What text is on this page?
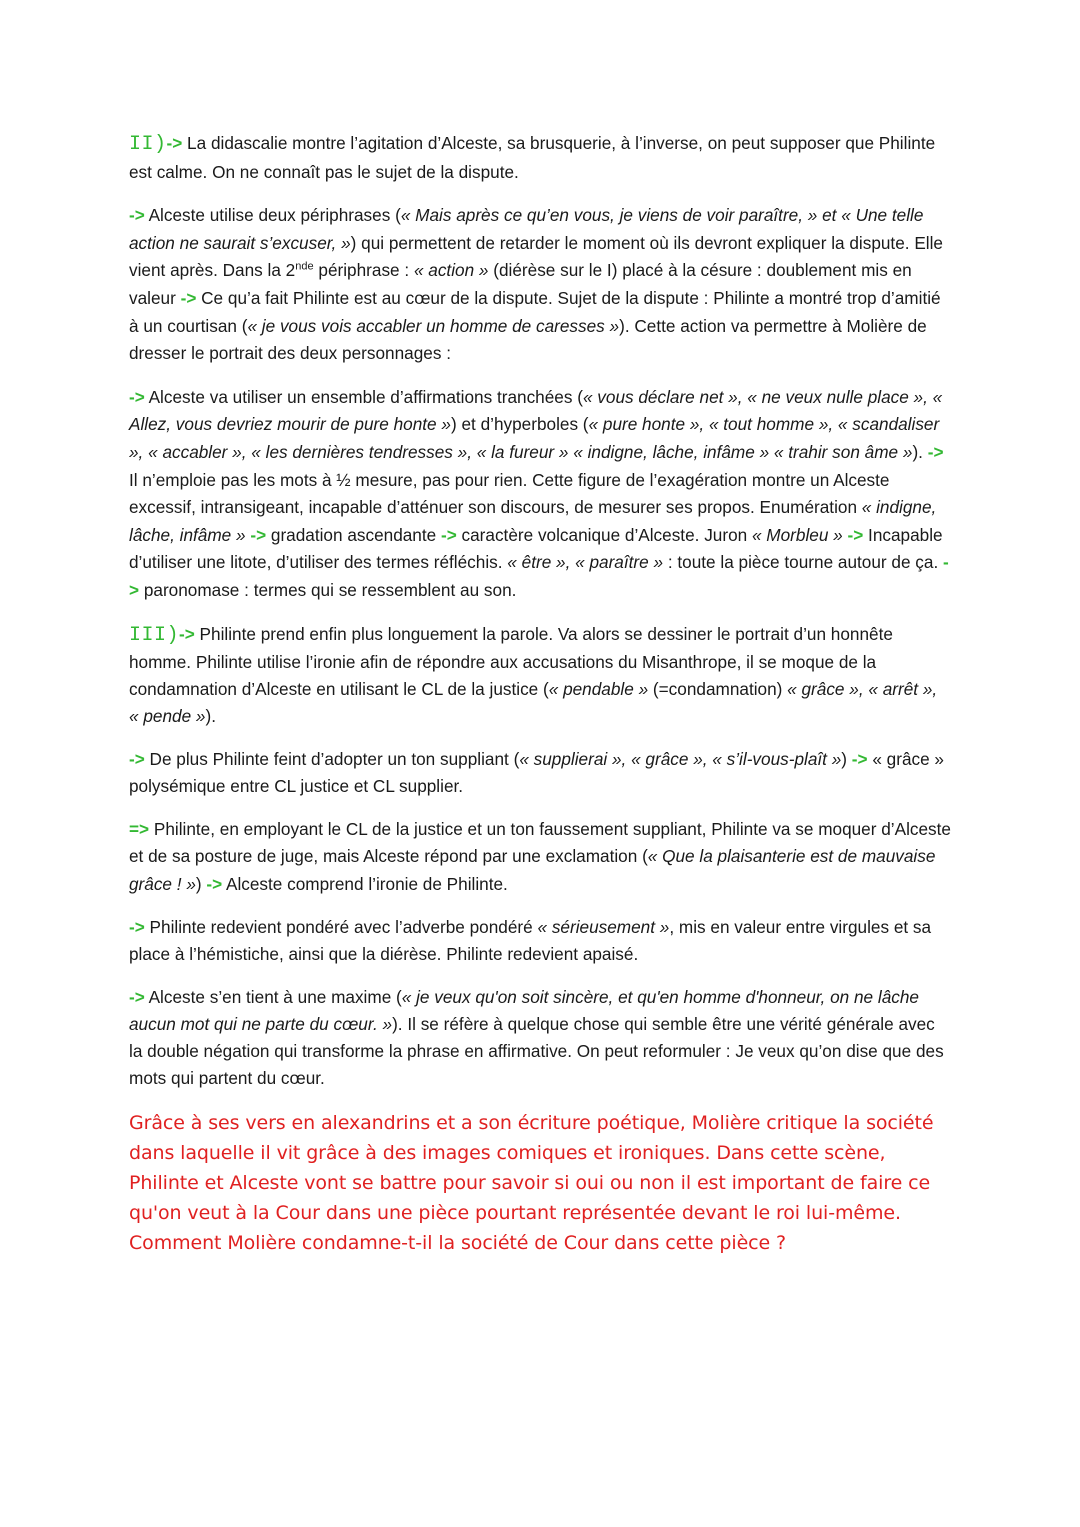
II)-> La didascalie montre l’agitation d’Alceste, sa brusquerie, à l’inverse, on peut supposer que Philinte est calme. On ne connaît pas le sujet de la dispute.

-> Alceste utilise deux périphrases (« Mais après ce qu’en vous, je viens de voir paraître, » et « Une telle action ne saurait s’excuser, ») qui permettent de retarder le moment où ils devront expliquer la dispute. Elle vient après. Dans la 2nde périphrase : « action » (diérèse sur le I) placé à la césure : doublement mis en valeur -> Ce qu’a fait Philinte est au cœur de la dispute. Sujet de la dispute : Philinte a montré trop d’amitié à un courtisan (« je vous vois accabler un homme de caresses »). Cette action va permettre à Molière de dresser le portrait des deux personnages :

-> Alceste va utiliser un ensemble d’affirmations tranchées (« vous déclare net », « ne veux nulle place », « Allez, vous devriez mourir de pure honte ») et d’hyperboles (« pure honte », « tout homme », « scandaliser », « accabler », « les dernières tendresses », « la fureur » « indigne, lâche, infâme » « trahir son âme »). -> Il n’emploie pas les mots à ½ mesure, pas pour rien. Cette figure de l’exagération montre un Alceste excessif, intransigeant, incapable d’atténuer son discours, de mesurer ses propos. Enumération « indigne, lâche, infâme » -> gradation ascendante -> caractère volcanique d’Alceste. Juron « Morbleu » -> Incapable d’utiliser une litote, d’utiliser des termes réfléchis. « être », « paraître » : toute la pièce tourne autour de ça. -> paronomase : termes qui se ressemblent au son.

III)-> Philinte prend enfin plus longuement la parole. Va alors se dessiner le portrait d’un honnête homme. Philinte utilise l’ironie afin de répondre aux accusations du Misanthrope, il se moque de la condamnation d’Alceste en utilisant le CL de la justice (« pendable » (=condamnation) « grâce », « arrêt », « pende »).

-> De plus Philinte feint d’adopter un ton suppliant (« supplierai », « grâce », « s’il-vous-plaît ») -> « grâce » polysémique entre CL justice et CL supplier.

=> Philinte, en employant le CL de la justice et un ton faussement suppliant, Philinte va se moquer d’Alceste et de sa posture de juge, mais Alceste répond par une exclamation (« Que la plaisanterie est de mauvaise grâce ! ») -> Alceste comprend l’ironie de Philinte.

-> Philinte redevient pondéré avec l’adverbe pondéré « sérieusement », mis en valeur entre virgules et sa place à l’hémistiche, ainsi que la diérèse. Philinte redevient apaisé.

-> Alceste s’en tient à une maxime (« je veux qu'on soit sincère, et qu'en homme d'honneur, on ne lâche aucun mot qui ne parte du cœur. »). Il se réfère à quelque chose qui semble être une vérité générale avec la double négation qui transforme la phrase en affirmative. On peut reformuler : Je veux qu’on dise que des mots qui partent du cœur.

Grâce à ses vers en alexandrins et a son écriture poétique, Molière critique la société dans laquelle il vit grâce à des images comiques et ironiques. Dans cette scène, Philinte et Alceste vont se battre pour savoir si oui ou non il est important de faire ce qu'on veut à la Cour dans une pièce pourtant représentée devant le roi lui-même. Comment Molière condamne-t-il la société de Cour dans cette pièce ?
